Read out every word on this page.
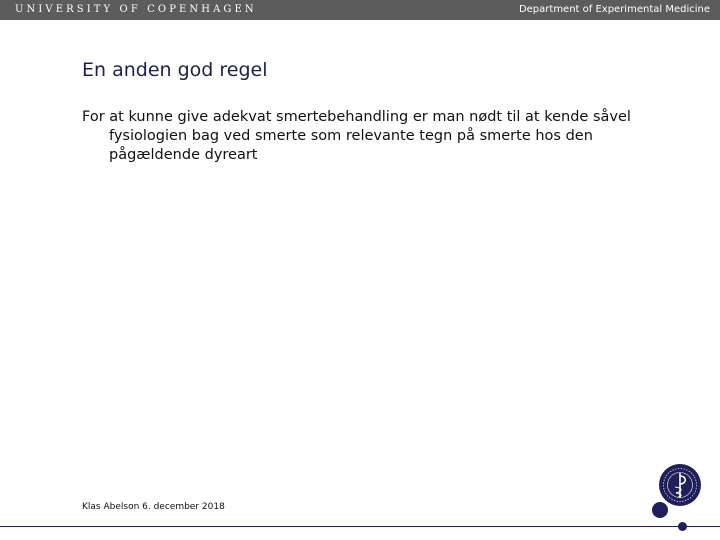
UNIVERSITY OF COPENHAGEN	Department of Experimental Medicine
En anden god regel

For at kunne give adekvat smertebehandling er man nødt til at kende såvel fysiologien bag ved smerte som relevante tegn på smerte hos den pågældende dyreart

Klas Abelson 6. december 2018
